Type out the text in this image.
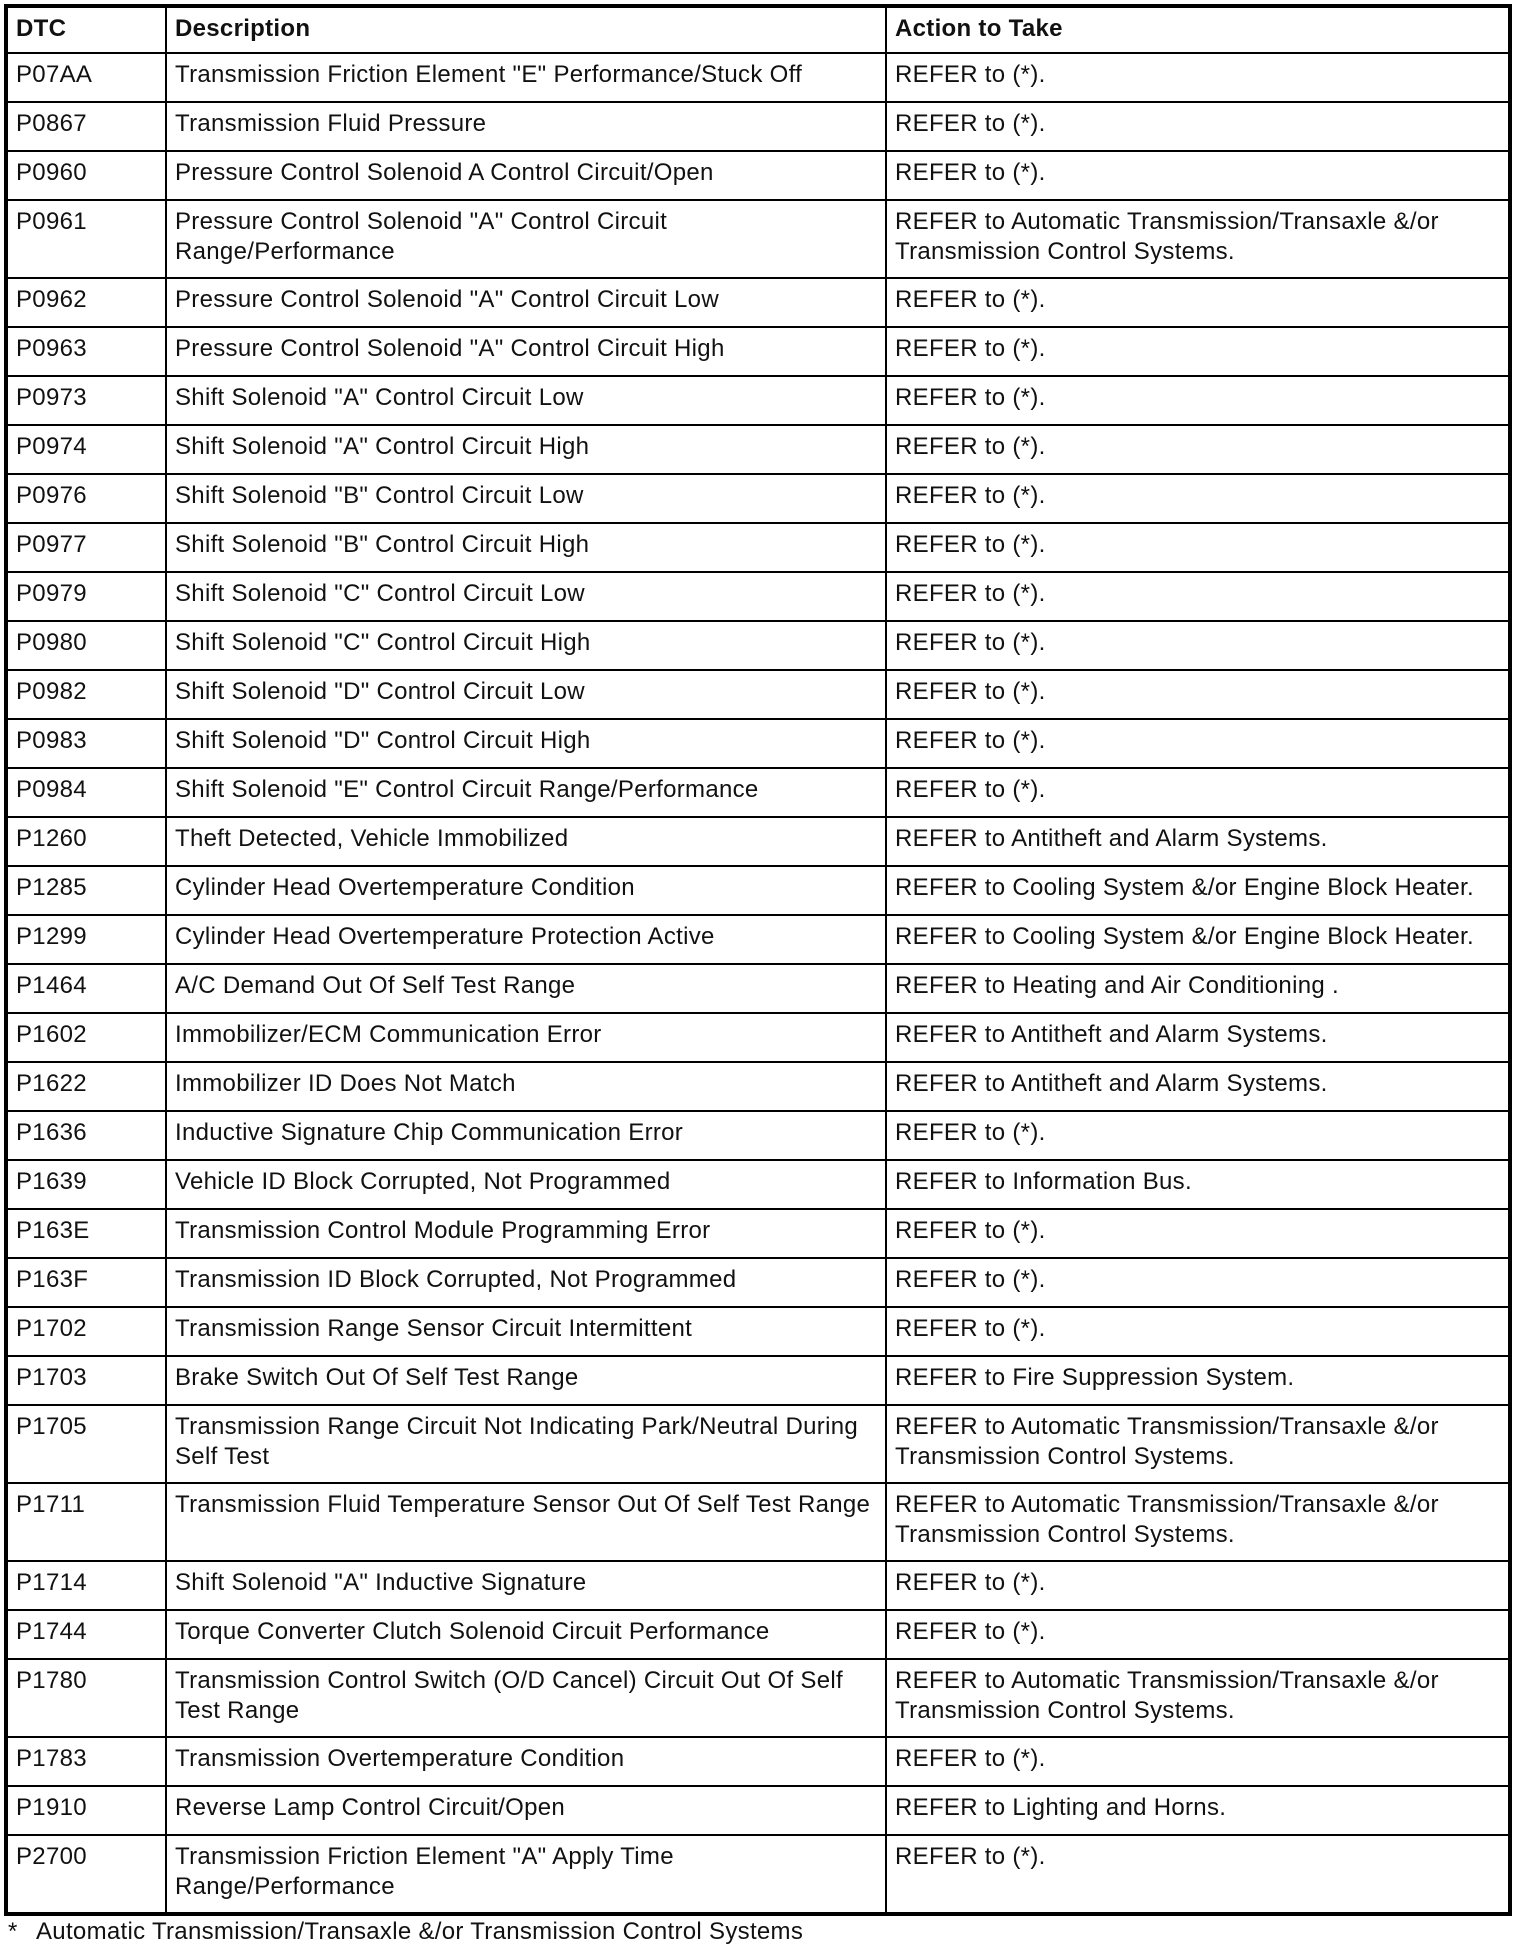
DTC	Description	Action to Take
P07AA	Transmission Friction Element "E" Performance/Stuck Off	REFER to (*).
P0867	Transmission Fluid Pressure	REFER to (*).
P0960	Pressure Control Solenoid A Control Circuit/Open	REFER to (*).
P0961	Pressure Control Solenoid "A" Control Circuit Range/Performance	REFER to Automatic Transmission/Transaxle &/or Transmission Control Systems.
P0962	Pressure Control Solenoid "A" Control Circuit Low	REFER to (*).
P0963	Pressure Control Solenoid "A" Control Circuit High	REFER to (*).
P0973	Shift Solenoid "A" Control Circuit Low	REFER to (*).
P0974	Shift Solenoid "A" Control Circuit High	REFER to (*).
P0976	Shift Solenoid "B" Control Circuit Low	REFER to (*).
P0977	Shift Solenoid "B" Control Circuit High	REFER to (*).
P0979	Shift Solenoid "C" Control Circuit Low	REFER to (*).
P0980	Shift Solenoid "C" Control Circuit High	REFER to (*).
P0982	Shift Solenoid "D" Control Circuit Low	REFER to (*).
P0983	Shift Solenoid "D" Control Circuit High	REFER to (*).
P0984	Shift Solenoid "E" Control Circuit Range/Performance	REFER to (*).
P1260	Theft Detected, Vehicle Immobilized	REFER to Antitheft and Alarm Systems.
P1285	Cylinder Head Overtemperature Condition	REFER to Cooling System &/or Engine Block Heater.
P1299	Cylinder Head Overtemperature Protection Active	REFER to Cooling System &/or Engine Block Heater.
P1464	A/C Demand Out Of Self Test Range	REFER to Heating and Air Conditioning .
P1602	Immobilizer/ECM Communication Error	REFER to Antitheft and Alarm Systems.
P1622	Immobilizer ID Does Not Match	REFER to Antitheft and Alarm Systems.
P1636	Inductive Signature Chip Communication Error	REFER to (*).
P1639	Vehicle ID Block Corrupted, Not Programmed	REFER to Information Bus.
P163E	Transmission Control Module Programming Error	REFER to (*).
P163F	Transmission ID Block Corrupted, Not Programmed	REFER to (*).
P1702	Transmission Range Sensor Circuit Intermittent	REFER to (*).
P1703	Brake Switch Out Of Self Test Range	REFER to Fire Suppression System.
P1705	Transmission Range Circuit Not Indicating Park/Neutral During Self Test	REFER to Automatic Transmission/Transaxle &/or Transmission Control Systems.
P1711	Transmission Fluid Temperature Sensor Out Of Self Test Range	REFER to Automatic Transmission/Transaxle &/or Transmission Control Systems.
P1714	Shift Solenoid "A" Inductive Signature	REFER to (*).
P1744	Torque Converter Clutch Solenoid Circuit Performance	REFER to (*).
P1780	Transmission Control Switch (O/D Cancel) Circuit Out Of Self Test Range	REFER to Automatic Transmission/Transaxle &/or Transmission Control Systems.
P1783	Transmission Overtemperature Condition	REFER to (*).
P1910	Reverse Lamp Control Circuit/Open	REFER to Lighting and Horns.
P2700	Transmission Friction Element "A" Apply Time Range/Performance	REFER to (*).
* Automatic Transmission/Transaxle &/or Transmission Control Systems
